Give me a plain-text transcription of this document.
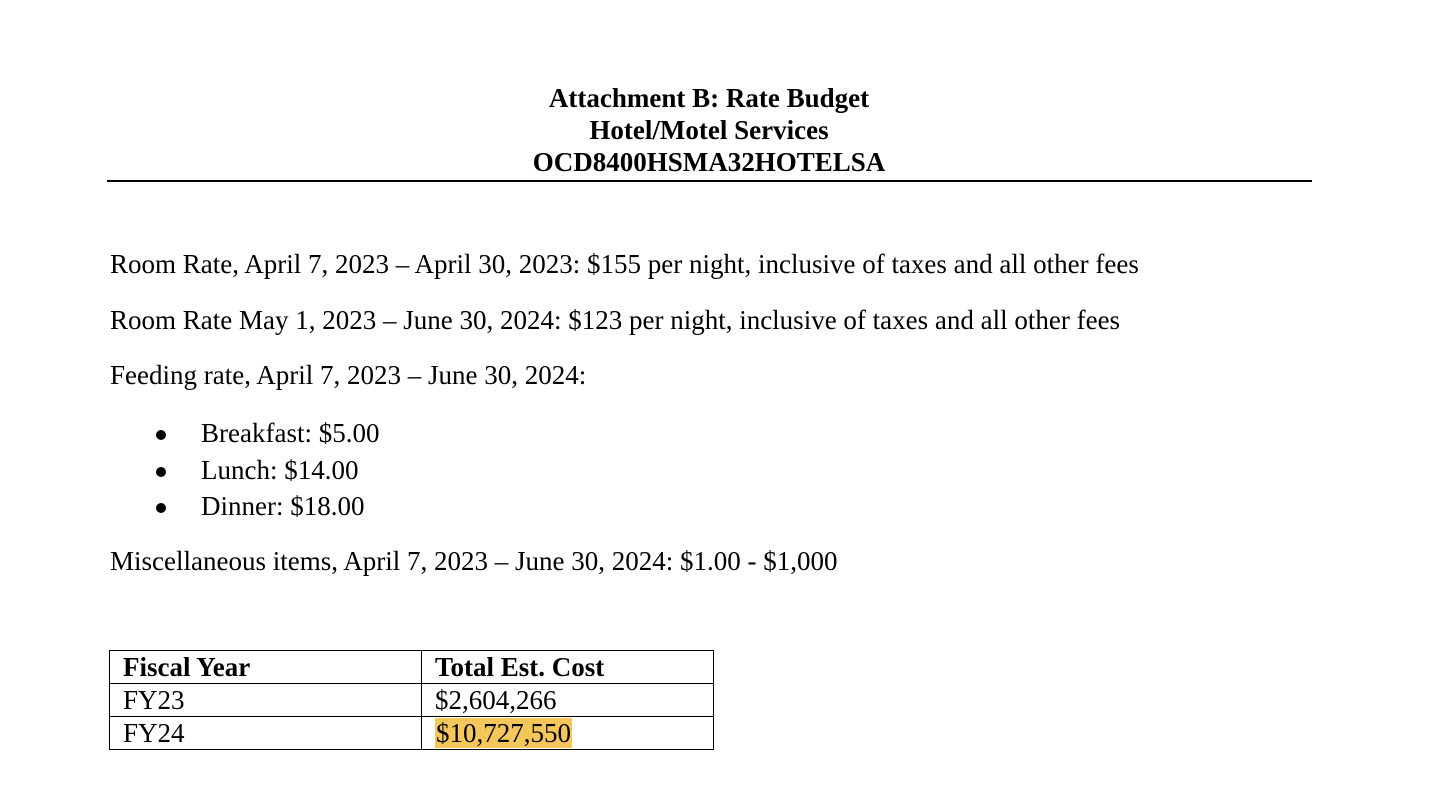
Attachment B: Rate Budget
Hotel/Motel Services
OCD8400HSMA32HOTELSA
Room Rate, April 7, 2023 – April 30, 2023: $155 per night, inclusive of taxes and all other fees
Room Rate May 1, 2023 – June 30, 2024: $123 per night, inclusive of taxes and all other fees
Feeding rate, April 7, 2023 – June 30, 2024:
Breakfast: $5.00
Lunch: $14.00
Dinner: $18.00
Miscellaneous items, April 7, 2023 – June 30, 2024: $1.00 - $1,000
Fiscal Year	Total Est. Cost
FY23	$2,604,266
FY24	$10,727,550
